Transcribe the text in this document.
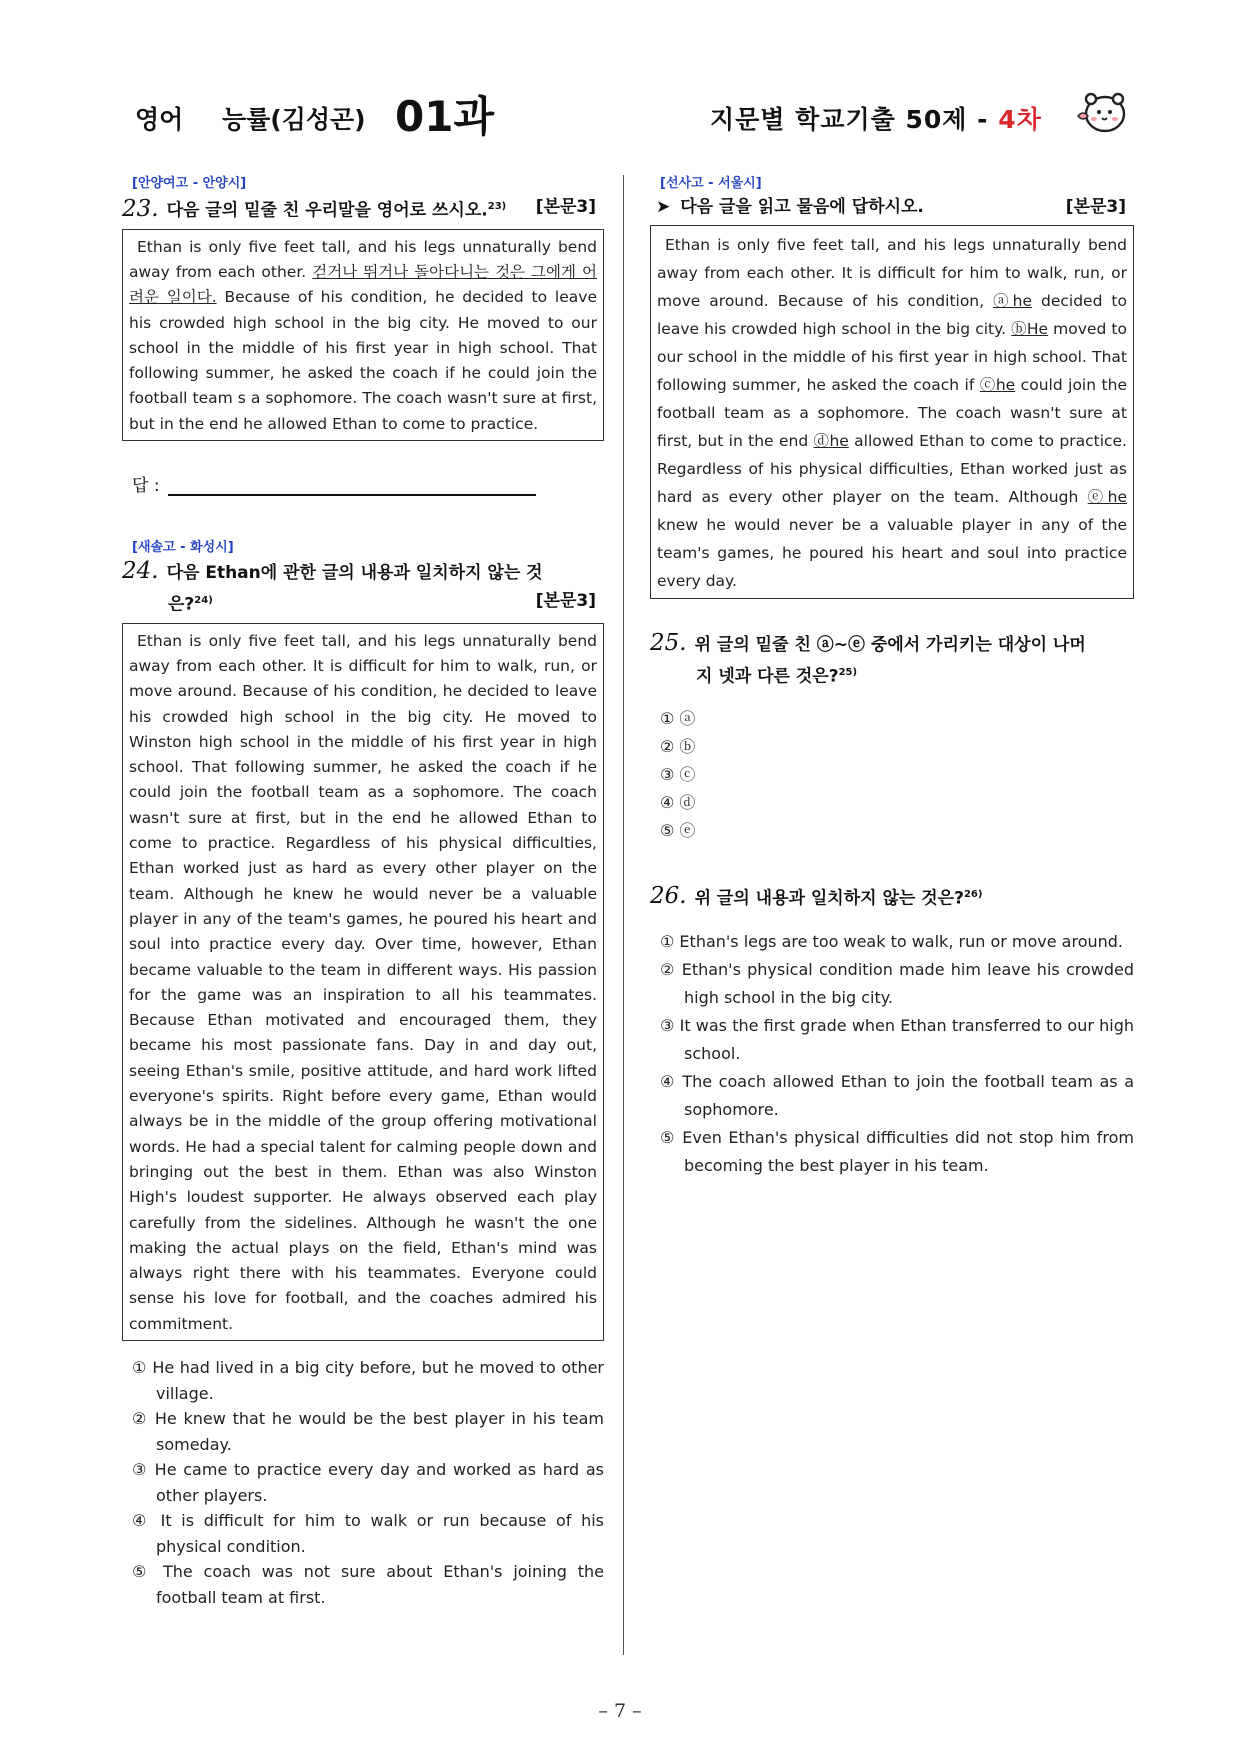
영어 능률(김성곤) 01과	지문별 학교기출 50제 - 4차
[안양여고 - 안양시]
23. 다음 글의 밑줄 친 우리말을 영어로 쓰시오.$^{23)}$ [본문3]
Ethan is only five feet tall, and his legs unnaturally bend away from each other. 걷거나 뛰거나 돌아다니는 것은 그에게 어려운 일이다. Because of his condition, he decided to leave his crowded high school in the big city. He moved to our school in the middle of his first year in high school. That following summer, he asked the coach if he could join the football team s a sophomore. The coach wasn't sure at first, but in the end he allowed Ethan to come to practice.
답 :
[새솔고 - 화성시]
24. 다음 Ethan에 관한 글의 내용과 일치하지 않는 것
은?$^{24)}$	[본문3]
Ethan is only five feet tall, and his legs unnaturally bend away from each other. It is difficult for him to walk, run, or move around. Because of his condition, he decided to leave his crowded high school in the big city. He moved to Winston high school in the middle of his first year in high school. That following summer, he asked the coach if he could join the football team as a sophomore. The coach wasn't sure at first, but in the end he allowed Ethan to come to practice. Regardless of his physical difficulties, Ethan worked just as hard as every other player on the team. Although he knew he would never be a valuable player in any of the team's games, he poured his heart and soul into practice every day. Over time, however, Ethan became valuable to the team in different ways. His passion for the game was an inspiration to all his teammates. Because Ethan motivated and encouraged them, they became his most passionate fans. Day in and day out, seeing Ethan's smile, positive attitude, and hard work lifted everyone's spirits. Right before every game, Ethan would always be in the middle of the group offering motivational words. He had a special talent for calming people down and bringing out the best in them. Ethan was also Winston High's loudest supporter. He always observed each play carefully from the sidelines. Although he wasn't the one making the actual plays on the field, Ethan's mind was always right there with his teammates. Everyone could sense his love for football, and the coaches admired his commitment.
① He had lived in a big city before, but he moved to other village.
② He knew that he would be the best player in his team someday.
③ He came to practice every day and worked as hard as other players.
④ It is difficult for him to walk or run because of his physical condition.
⑤ The coach was not sure about Ethan's joining the football team at first.
[선사고 - 서울시]
➤ 다음 글을 읽고 물음에 답하시오.	[본문3]
Ethan is only five feet tall, and his legs unnaturally bend away from each other. It is difficult for him to walk, run, or move around. Because of his condition, ⓐhe decided to leave his crowded high school in the big city. ⓑHe moved to our school in the middle of his first year in high school. That following summer, he asked the coach if ⓒhe could join the football team as a sophomore. The coach wasn't sure at first, but in the end ⓓhe allowed Ethan to come to practice. Regardless of his physical difficulties, Ethan worked just as hard as every other player on the team. Although ⓔhe knew he would never be a valuable player in any of the team's games, he poured his heart and soul into practice every day.
25. 위 글의 밑줄 친 ⓐ~ⓔ 중에서 가리키는 대상이 나머
지 넷과 다른 것은?$^{25)}$
① ⓐ
② ⓑ
③ ⓒ
④ ⓓ
⑤ ⓔ
26. 위 글의 내용과 일치하지 않는 것은?$^{26)}$
① Ethan's legs are too weak to walk, run or move around.
② Ethan's physical condition made him leave his crowded high school in the big city.
③ It was the first grade when Ethan transferred to our high school.
④ The coach allowed Ethan to join the football team as a sophomore.
⑤ Even Ethan's physical difficulties did not stop him from becoming the best player in his team.
– 7 –
